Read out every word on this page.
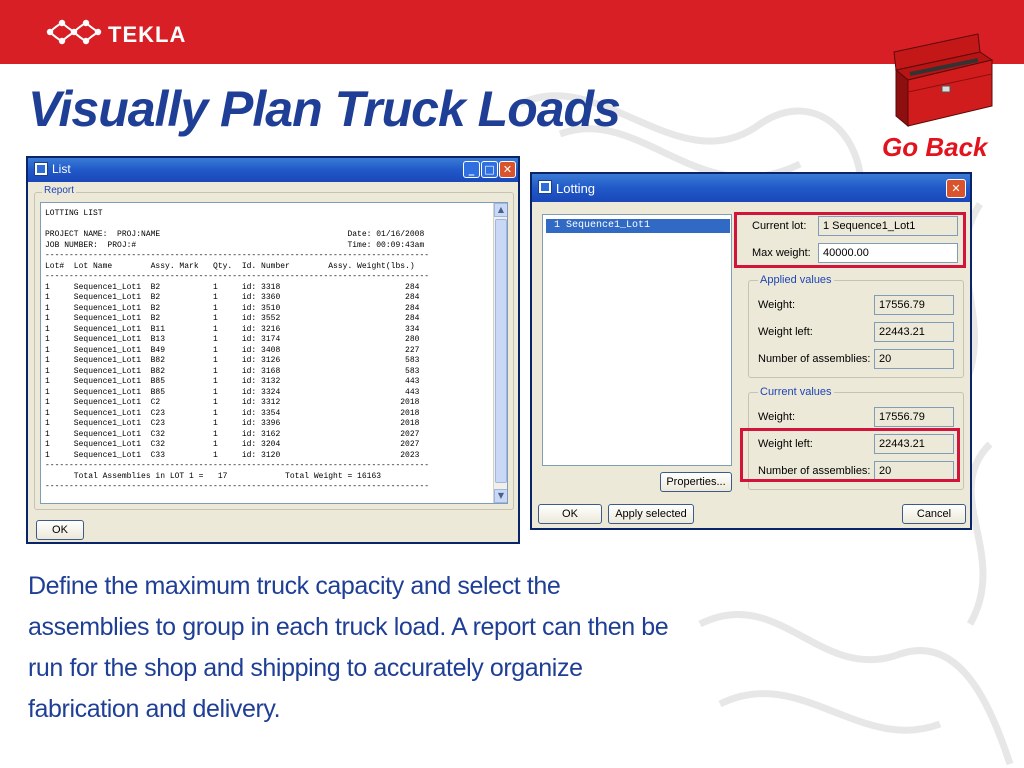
TEKLA
Visually Plan Truck Loads
Go Back
List	_ □ ✕
Report
LOTTING LIST

PROJECT NAME:  PROJ:NAME                                       Date: 01/16/2008
JOB NUMBER:  PROJ:#                                            Time: 00:09:43am
--------------------------------------------------------------------------------
Lot#  Lot Name        Assy. Mark   Qty.  Id. Number        Assy. Weight(lbs.)
--------------------------------------------------------------------------------
1     Sequence1_Lot1  B2           1     id: 3318                          284
1     Sequence1_Lot1  B2           1     id: 3360                          284
1     Sequence1_Lot1  B2           1     id: 3510                          284
1     Sequence1_Lot1  B2           1     id: 3552                          284
1     Sequence1_Lot1  B11          1     id: 3216                          334
1     Sequence1_Lot1  B13          1     id: 3174                          280
1     Sequence1_Lot1  B49          1     id: 3408                          227
1     Sequence1_Lot1  B82          1     id: 3126                          583
1     Sequence1_Lot1  B82          1     id: 3168                          583
1     Sequence1_Lot1  B85          1     id: 3132                          443
1     Sequence1_Lot1  B85          1     id: 3324                          443
1     Sequence1_Lot1  C2           1     id: 3312                         2018
1     Sequence1_Lot1  C23          1     id: 3354                         2018
1     Sequence1_Lot1  C23          1     id: 3396                         2018
1     Sequence1_Lot1  C32          1     id: 3162                         2027
1     Sequence1_Lot1  C32          1     id: 3204                         2027
1     Sequence1_Lot1  C33          1     id: 3120                         2023
--------------------------------------------------------------------------------
Total Assemblies in LOT 1 =   17            Total Weight = 16163
--------------------------------------------------------------------------------
▲
▼
OK
Lotting	✕
1 Sequence1_Lot1	Current lot:	1 Sequence1_Lot1
Max weight:	40000.00
Applied values
Weight:	17556.79
Weight left:	22443.21
Number of assemblies: 20
Current values
Weight:	17556.79
Weight left:	22443.21
Number of assemblies: 20
Properties...
OK	Apply selected	Cancel
Define the maximum truck capacity and select the assemblies to group in each truck load. A report can then be run for the shop and shipping to accurately organize fabrication and delivery.
